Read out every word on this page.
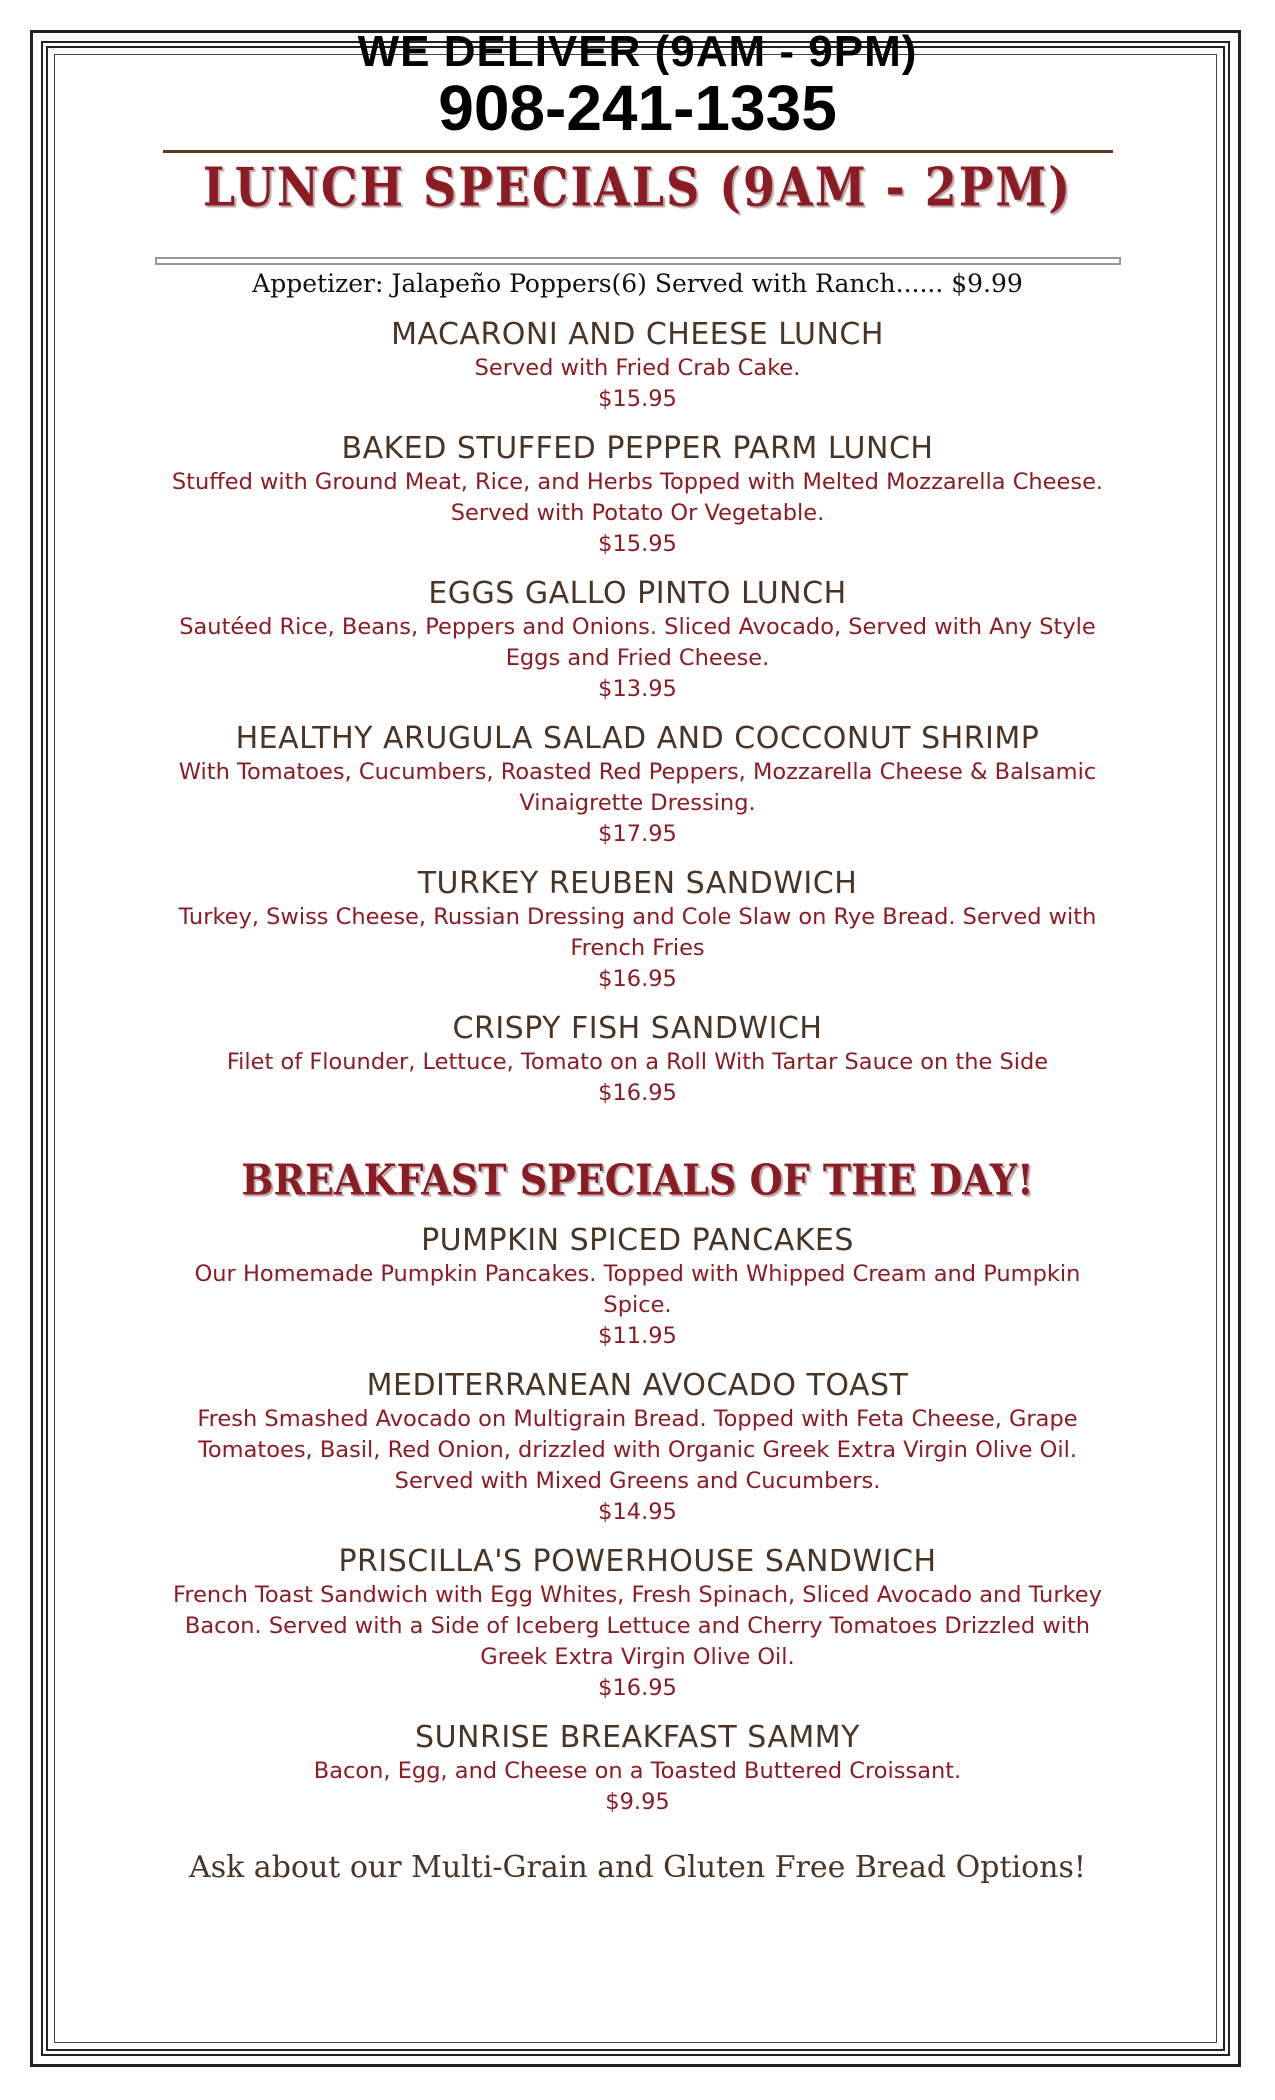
WE DELIVER (9AM - 9PM)

908-241-1335

LUNCH SPECIALS (9AM - 2PM)

Appetizer: Jalapeño Poppers(6) Served with Ranch...... $9.99

MACARONI AND CHEESE LUNCH

Served with Fried Crab Cake.

$15.95

BAKED STUFFED PEPPER PARM LUNCH

Stuffed with Ground Meat, Rice, and Herbs Topped with Melted Mozzarella Cheese. Served with Potato Or Vegetable.

$15.95

EGGS GALLO PINTO LUNCH

Sautéed Rice, Beans, Peppers and Onions. Sliced Avocado, Served with Any Style Eggs and Fried Cheese.

$13.95

HEALTHY ARUGULA SALAD AND COCCONUT SHRIMP

With Tomatoes, Cucumbers, Roasted Red Peppers, Mozzarella Cheese & Balsamic Vinaigrette Dressing.

$17.95

TURKEY REUBEN SANDWICH

Turkey, Swiss Cheese, Russian Dressing and Cole Slaw on Rye Bread. Served with French Fries

$16.95

CRISPY FISH SANDWICH

Filet of Flounder, Lettuce, Tomato on a Roll With Tartar Sauce on the Side

$16.95

BREAKFAST SPECIALS OF THE DAY!

PUMPKIN SPICED PANCAKES

Our Homemade Pumpkin Pancakes. Topped with Whipped Cream and Pumpkin Spice.

$11.95

MEDITERRANEAN AVOCADO TOAST

Fresh Smashed Avocado on Multigrain Bread. Topped with Feta Cheese, Grape Tomatoes, Basil, Red Onion, drizzled with Organic Greek Extra Virgin Olive Oil. Served with Mixed Greens and Cucumbers.

$14.95

PRISCILLA'S POWERHOUSE SANDWICH

French Toast Sandwich with Egg Whites, Fresh Spinach, Sliced Avocado and Turkey Bacon. Served with a Side of Iceberg Lettuce and Cherry Tomatoes Drizzled with Greek Extra Virgin Olive Oil.

$16.95

SUNRISE BREAKFAST SAMMY

Bacon, Egg, and Cheese on a Toasted Buttered Croissant.

$9.95

Ask about our Multi-Grain and Gluten Free Bread Options!
